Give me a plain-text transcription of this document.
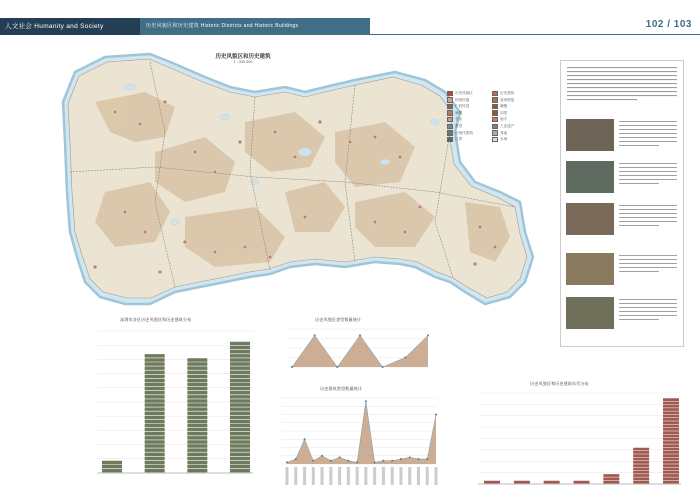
人文社会 Humanity and Society	历史风貌区和历史建筑 Historic Districts and Historic Buildings	102 / 103
历史风貌区和历史建筑
1 : 330 000
历史风貌区	历史建筑
传统村落	客家围屋
广府民居	碉楼
骑楼	祠堂
书室	庙宇
教堂	工业遗产
近现代建筑	其他
区界	水域
深圳市各区历史风貌区和历史建筑分布	历史风貌区类型数量统计
历史建筑类型数量统计
历史风貌区和历史建筑年代分布
